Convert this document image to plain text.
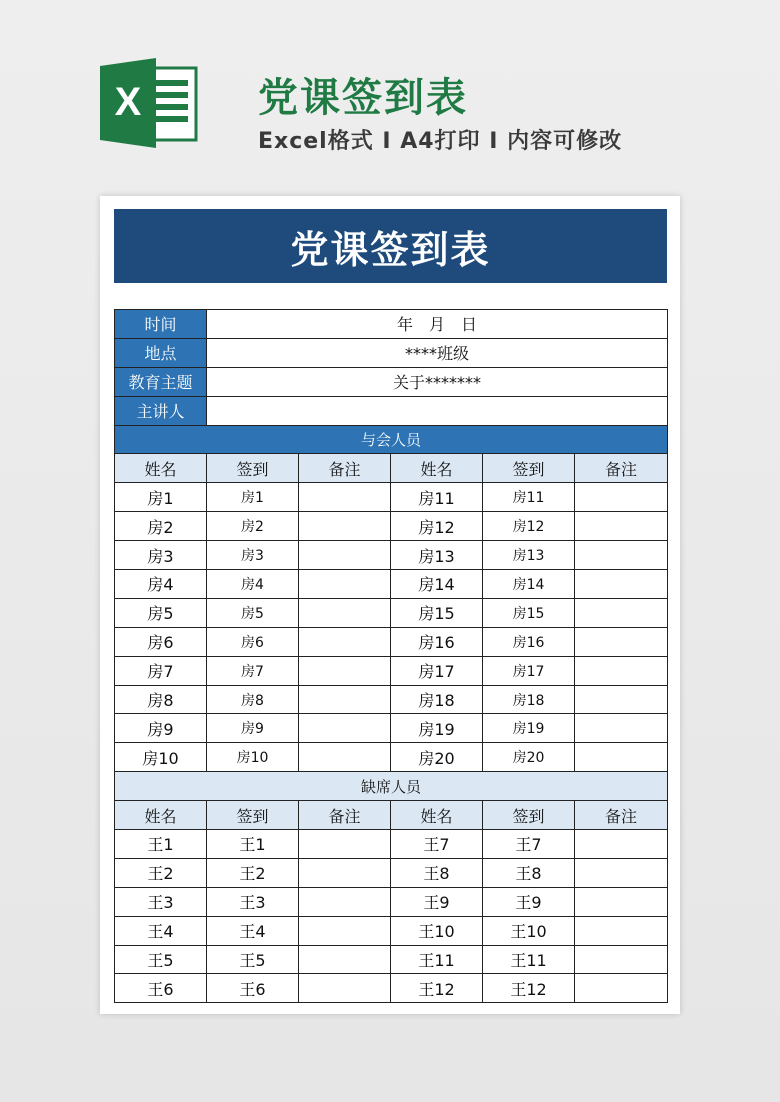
X	党课签到表
Excel格式 I A4打印 I 内容可修改
党课签到表
时间	年　月　日				
地点	****班级				
教育主题	关于*******				
主讲人					
与会人员					
姓名	签到	备注	姓名	签到	备注
房1	房1		房11	房11	
房2	房2		房12	房12	
房3	房3		房13	房13	
房4	房4		房14	房14	
房5	房5		房15	房15	
房6	房6		房16	房16	
房7	房7		房17	房17	
房8	房8		房18	房18	
房9	房9		房19	房19	
房10	房10		房20	房20	
缺席人员					
姓名	签到	备注	姓名	签到	备注
王1	王1		王7	王7	
王2	王2		王8	王8	
王3	王3		王9	王9	
王4	王4		王10	王10	
王5	王5		王11	王11	
王6	王6		王12	王12	
